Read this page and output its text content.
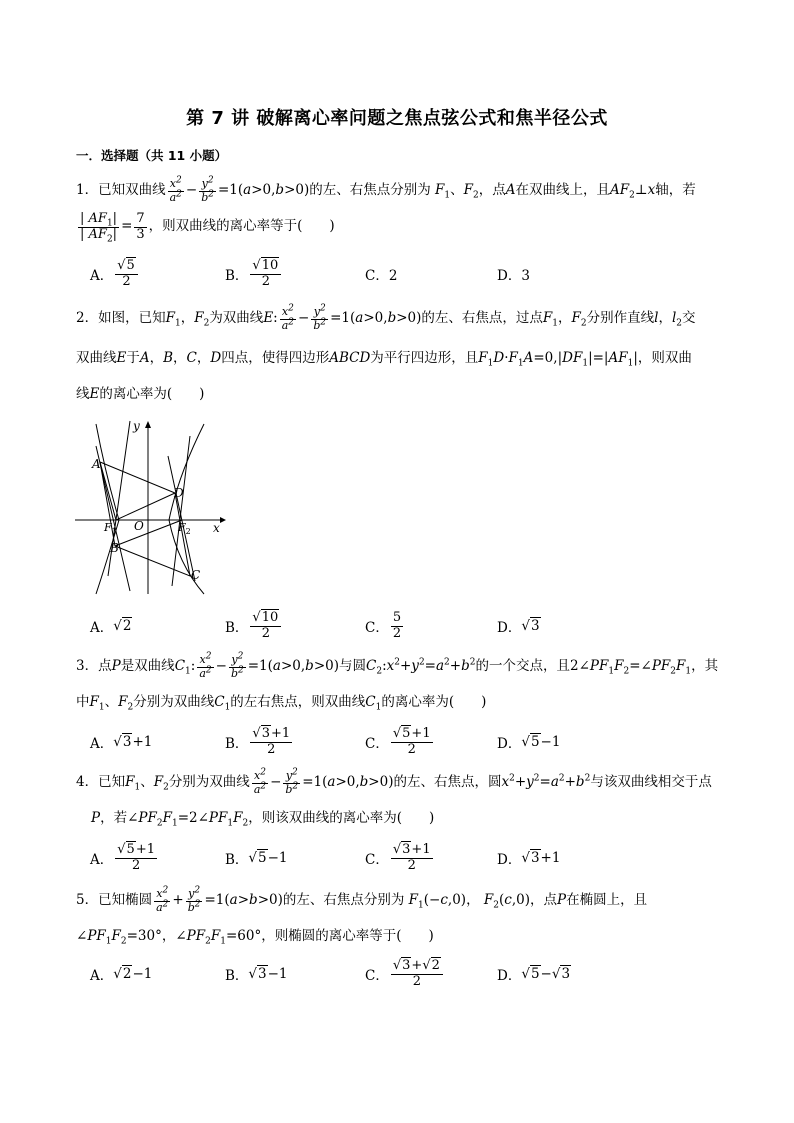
第 7 讲 破解离心率问题之焦点弦公式和焦半径公式
一．选择题（共 11 小题）
1． 已知双曲线 $\frac{x^2}{a^2} - \frac{y^2}{b^2} =1$( a >0, b >0) 的左、右焦点分别为 $F_1$ 、 $F_2$ ，点 A 在双曲线上，且 $AF_2$ ⊥ x 轴，若
$\frac{| AF_1|}{| AF_2|} = \frac{7}{3}$ ，则双曲线的离心率等于(　　)
A． $\frac{√5}{2}$	B． $\frac{√10}{2}$	C．2	D．3
2． 如图，已知 $F_1$ ， $F_2$ 为双曲线 E : $\frac{x^2}{a^2} - \frac{y^2}{b^2} =1$( a >0, b >0) 的左、右焦点，过点 $F_1$ ， $F_2$ 分别作直线 l ， $l_2$ 交
双曲线E于A，B，C，D四点，使得四边形ABCD为平行四边形，且$F_1D\cdot F_1A=0,|DF_1|=|AF_1|$，则双曲
线E的离心率为(　　)
y
x
A
D
B
C
O
$F_1$	$F_2$
A． √2	B． $\frac{√10}{2}$	C． $\frac{5}{2}$	D． √3
3． 点 P 是双曲线 $C_1$ : $\frac{x^2}{a^2} - \frac{y^2}{b^2} =1$( a >0, b >0) 与圆 $C_2$ : $x^2+y^2=a^2+b^2$ 的一个交点，且 2∠ $PF_1F_2$ =∠ $PF_2F_1$ ，其
中$F_1$、$F_2$分别为双曲线$C_1$的左右焦点，则双曲线$C_1$的离心率为(　　)
A． √3 +1	B． $\frac{√3+1}{2}$	C． $\frac{√5+1}{2}$	D． √5 −1
4． 已知 $F_1$ 、 $F_2$ 分别为双曲线 $\frac{x^2}{a^2} - \frac{y^2}{b^2} =1$( a >0, b >0) 的左、右焦点，圆 $x^2+y^2=a^2+b^2$ 与该双曲线相交于点
P，若$\angle PF_2F_1=2\angle PF_1F_2$，则该双曲线的离心率为(　　)
A． $\frac{√5+1}{2}$	B． √5 −1	C． $\frac{√3+1}{2}$	D． √3 +1
5． 已知椭圆 $\frac{x^2}{a^2} + \frac{y^2}{b^2} =1$( a > b >0) 的左、右焦点分别为
$F_1$ (− c ,0) ， $F_2$ ( c ,0) ，点 P 在椭圆上，且
$\angle PF_1F_2=30^\circ$，$\angle PF_2F_1=60^\circ$，则椭圆的离心率等于(　　)
A． √2 −1	B． √3 −1	C． $\frac{√3+√2}{2}$	D． √5 − √3
